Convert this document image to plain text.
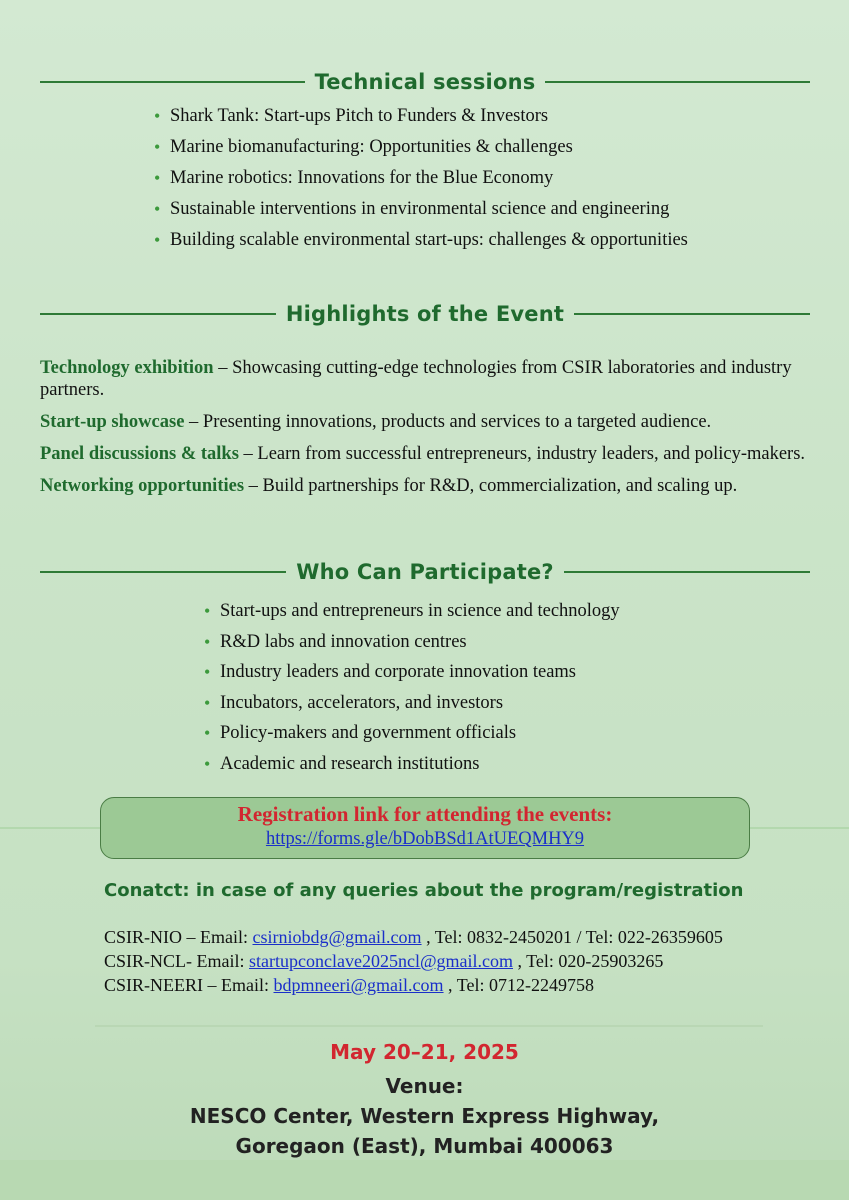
Technical sessions
• Shark Tank: Start-ups Pitch to Funders & Investors
• Marine biomanufacturing: Opportunities & challenges
• Marine robotics: Innovations for the Blue Economy
• Sustainable interventions in environmental science and engineering
• Building scalable environmental start-ups: challenges & opportunities
Highlights of the Event

Technology exhibition – Showcasing cutting-edge technologies from CSIR laboratories and industry partners.

Start-up showcase – Presenting innovations, products and services to a targeted audience.

Panel discussions & talks – Learn from successful entrepreneurs, industry leaders, and policy-makers.

Networking opportunities – Build partnerships for R&D, commercialization, and scaling up.

Who Can Participate?
• Start-ups and entrepreneurs in science and technology
• R&D labs and innovation centres
• Industry leaders and corporate innovation teams
• Incubators, accelerators, and investors
• Policy-makers and government officials
• Academic and research institutions
Registration link for attending the events:
https://forms.gle/bDobBSd1AtUEQMHY9
Conatct: in case of any queries about the program/registration
CSIR-NIO – Email: csirniobdg@gmail.com , Tel: 0832-2450201 / Tel: 022-26359605
CSIR-NCL- Email: startupconclave2025ncl@gmail.com , Tel: 020-25903265
CSIR-NEERI – Email: bdpmneeri@gmail.com , Tel: 0712-2249758
May 20–21, 2025
Venue:
NESCO Center, Western Express Highway,
Goregaon (East), Mumbai 400063
